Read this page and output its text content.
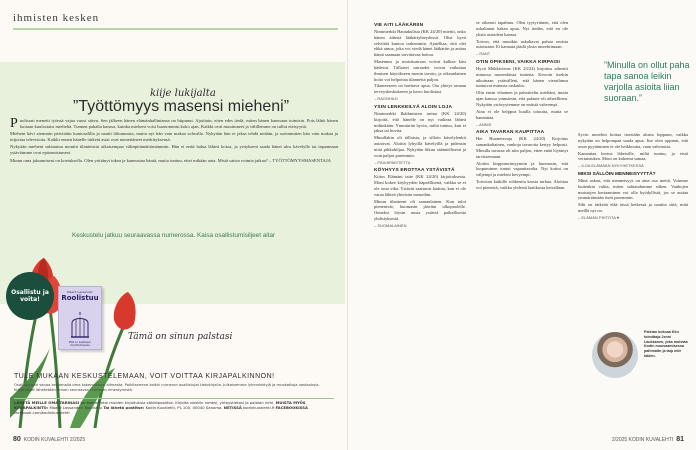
ihmisten kesken
kiije lukijalta
”Työttömyys masensi mieheni”

Puolisoni menetti työnsä vajaa vuosi sitten. Sen jälkeen hänen elämänhallintansa on hiipunut. Ajoittain, etten edes tiedä, miten hänen kanssaan toimisin. Pois lähtö hänen luotaan kuulostaisi mieheltä. Tunnen pahalta kanssa, kuinka mieheni voisi huonommin koko ajan. Kaikki ovat muuttuneet ja välillemme on tullut etäisyyttä.

Mieheni kävi aiemmin päivittäin kuntosalilla ja nautti liikunnasta, mutta nyt hän vain makaa sohvalla. Nykyään hän ei jaksa tehdä mitään, ja useimmiten hän vain makaa ja tuijottaa televisiota. Kaikki ennen hänelle tärkeät asiat ovat menettäneet merkityksensä.

Nykyään mieheni suhtautuu moniin tilanteisiin aikaisempaa välinpitämättömämmin. Hän ei enää halua lähteä kotoa, ja yritykseni saada hänet ulos kävelylle tai tapaamaan ystäviämme ovat epäonnistuneet.

Minun oma jaksamiseni on koetuksella. Olen yrittänyt tukea ja kannustaa häntä, mutta tuntuu, ettei mikään auta. Mistä saisin voimia jatkaa? – TYÖTTÖMYYSMASENTAJA

Keskustelu jatkuu seuraavassa numerossa. Kaisa osallistumisiljeet aitar
Osallistu ja voita!
Maarit Lassander
Roolistuu
Mitä on kesäiseen kirjoittamisessa
Tämä on sinun palstasi
TULE MUKAAN KESKUSTELEMAAN, VOIT VOITTAA KIRJAPALKINNON!
Osallistu pari sanaa kertomalla oma kokemuksesi aiheesta. Palkitsemme kaikki numeron osallistujat tietokirjalla. Julkaisemme lyhennettyjä ja muokattuja vastauksia. Kirjoitukset lähetetään ennen seuraavan numeron ilmestymistä.
LÄHETÄ MEILLE OMA TARINASI tai kommentoi muiden kirjoituksia sähköpostitse. Kirjoita viestiin nimesi, yhteystietosi ja palstan nimi. MUISTA MYÖS KIRJAPALKINTO: Maarit Lassander: Roolistuu Tai lähetä postitse: Kodin Kuvalehti, PL 100, 00040 Sanoma. NETISSÄ kodinkuvalehti.fi FACEBOOKISSA facebook.com/kodinkuvalehti
80 KODIN KUVALEHTI 2/2025
VIE AITI LÄÄKÄRIIN

Nimimerkki Hautakulista (KK 24/20) miettii, onko hänen äitinsä lääkäriyhteydessä. Olisi hyvä selvittää kuntoa tarkemmin. Ajatelkaa, että olet ehkä ainoa, joka voi viedä hänet lääkäriin ja auttaa häntä saamaan tarvittavaa hoitoa.

Masennus ja muistisairaus voivat kulkea käsi kädessä. Tällaiset sairaudet voivat vaikuttaa ihmisen käytökseen monin tavoin, ja oikeanlainen hoito voi helpottaa tilannetta paljon.

Tilanteeseen on haettava apua. Ota yhteys omaan terveyskeskukseen ja kerro huolistasi.

– RAGNHILD

YSIN LENKKEILYÄ ALOIN LOJA

Nimimerkki Ikäihmisten tarina (KK 24/20) kirjoitti, että hänelle on nyt vaikeaa lähteä mihinkään. Ymmärrän hyvin, miltä tuntuu, kun ei jaksa tai huvita.

Minullakin oli tällaista, ja silloin kävelylenkit auttoivat. Aloitin lyhyillä kävelyillä ja pidensin niitä pikkuhiljaa. Nykyään liikun säännöllisesti ja voin paljon paremmin.

– PÄIVÄPAISTETTA

KÖYHYYS EROTTAA YSTÄVISTÄ

Kiitos Elämäni taite (KK 24/20) kirjoituksesta. Moni kokee köyhyyden häpeällisenä, vaikka se ei ole oma vika. Ystävät saattavat kadota, kun ei ole varaa lähteä yhteisiin menoihin.

Minun tilanteeni oli samanlainen. Kun tulot pienenivät, huomasin jääväni ulkopuolelle. Onneksi löysin uusia ystäviä paikallisesta yhdistyksestä.

– SUOMALAINEN

se oikeasti tapahtuu. Olen tyytyväinen, että olen uskaltanut hakea apua. Nyt tiedän, että en ole yksin asioideni kanssa.

Toivon, että muutkin uskaltavat puhua omista asioistaan. Ei kannata jäädä yksin murehtimaan.

– RANT

OTIN OPIKSENI, VAIKKA KIRPAISI

Hyvä Mökkivieras (KK 23/24) kirjoitus aiheutti minussa monenlaisia tunteita. Kerroin itsekin aikoinaan ystävälleni, että hänen vierailunsa tuntuivat minusta raskailta.

Olin ensin vihainen ja pahoittelin mieltäni, mutta ajan kanssa ymmärsin, että palaute oli aiheellinen. Nykyään ystävyytemme on entistä vahvempi.

Aina ei ole helppoa kuulla totuutta, mutta se kannattaa.

– ANNIS

AIKA TAVARAN KAUPITTAA

Hei Huonetavaja (KK 24/20) Kirjoitus samankaltainen, vanhoja tavaroita kertyy helposti. Minulla tavaraa oli niin paljon, etten enää löytänyt tarvitsemaani.

Aloitin kirpputorimyynnin ja huomasin, että luopuminen tuntui vapauttavalta. Nyt kotini on väljempi ja mieleni kevyempi.

Toivotan kaikille rohkeutta karsia turhaa. Aloittaa voi pienestä, vaikka yhdestä laatikosta kerrallaan.

”Minulla on ollut paha tapa sanoa leikin varjolla asioita liian suoraan.”

Syvin murehin hoitaa itsestään alusta loppuun, vaikka nykyään on helpompaa saada apua. Itse olen oppinut, että avun pyytäminen ei ole heikkoutta, vaan vahvuutta.

Kannattaa kertoa läheisille, miltä tuntuu, ja etsiä vertaistukea. Moni on kokenut samaa.

– ILOA ELÄMÄÄN NYKYHETKESSÄ

MIKSI SÄLLÖIN MENNEISYYTTÄ?

Minä uskon, että menneisyys on aina osa meitä. Voimme kuitenkin valita, miten suhtaudumme siihen. Vanhojen muistojen kertaaminen voi olla hyödyllistä, jos se auttaa ymmärtämään itseä paremmin.

Silti on tärkeää elää tässä hetkessä ja nauttia siitä, mitä meillä nyt on.

– ELÄMÄN PIHTOTA ♥

Palstan kokoaa Kkn toimittaja Jenni Laukkanen, joka muistaa Kodin muovaamisessa palhmaitn ja taip mitr käden.
2/2025 KODIN KUVALEHTI 81
